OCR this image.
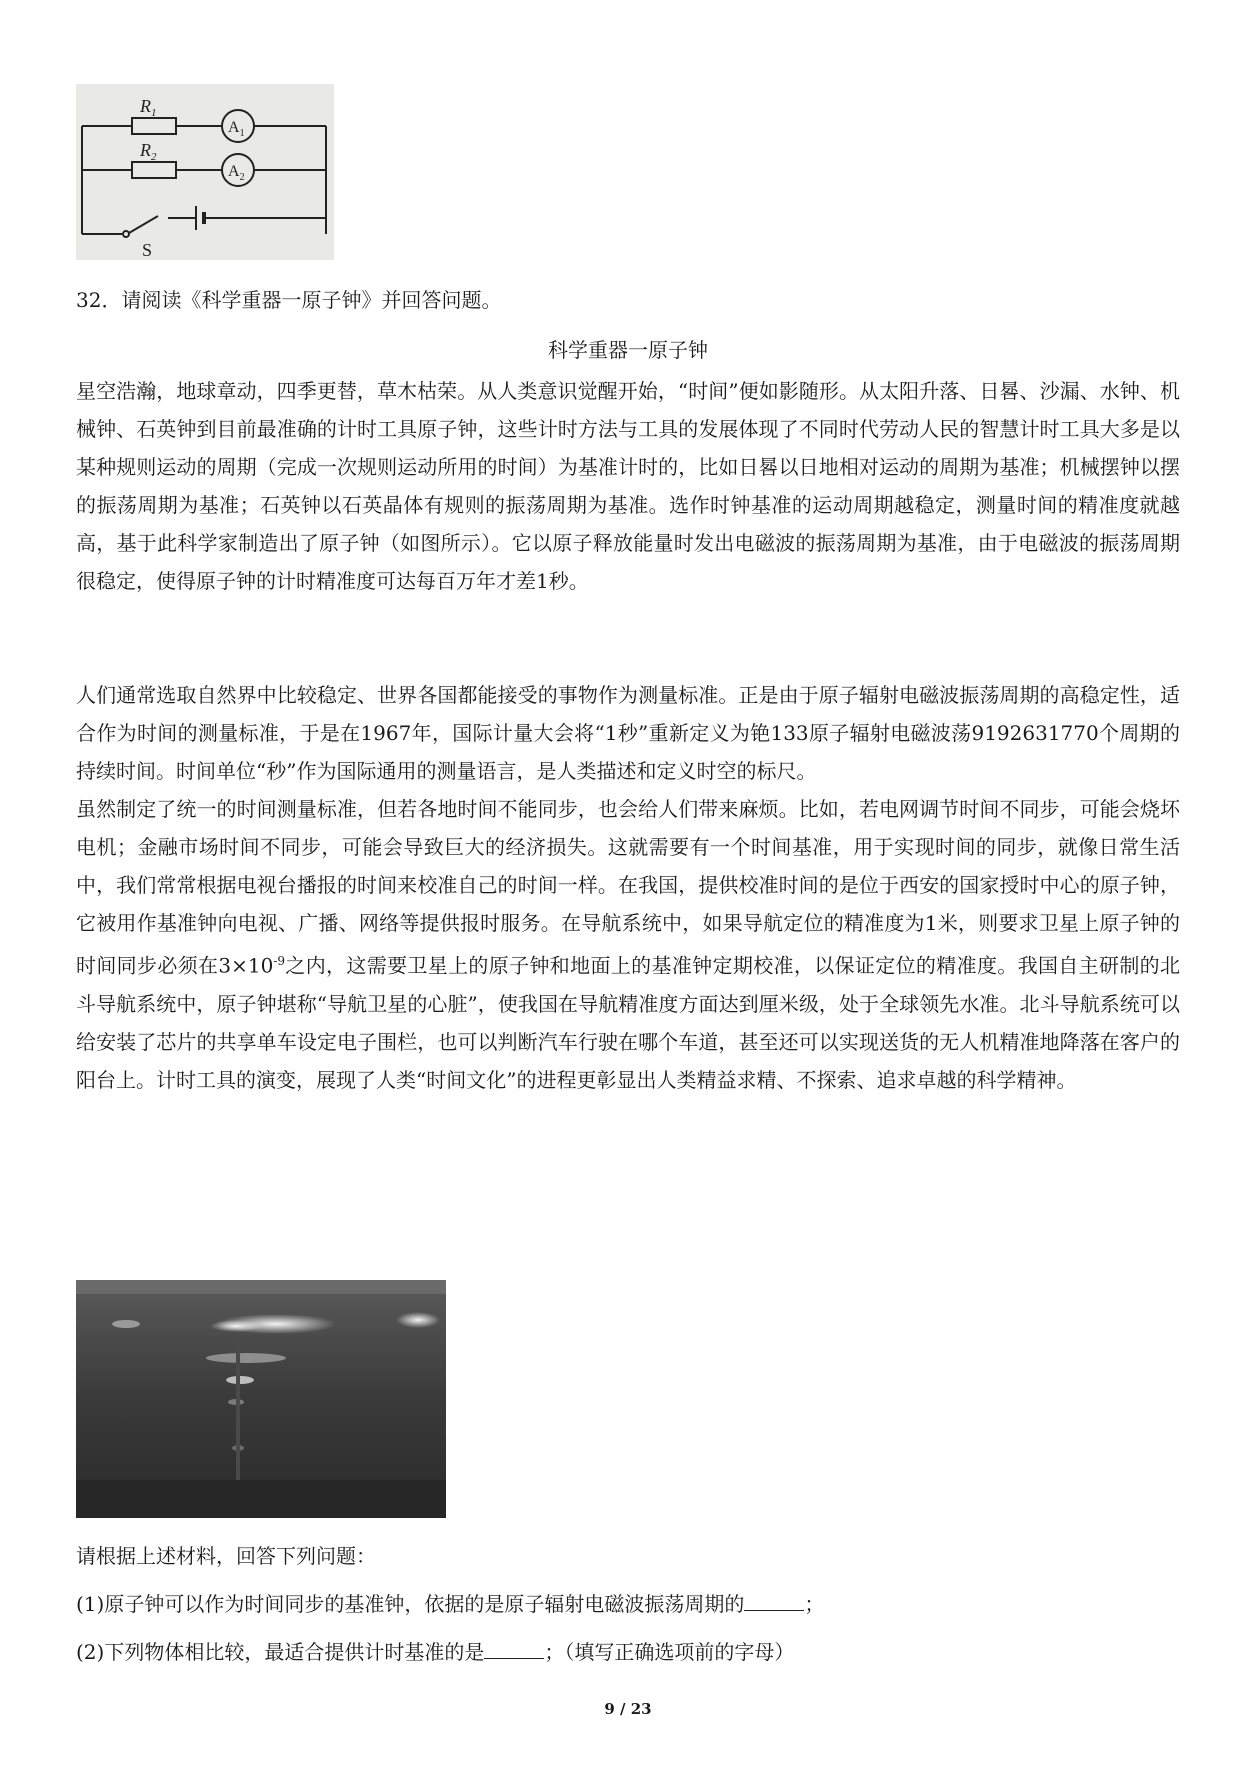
$R_1$
$R_2$
$A_1$
$A_2$
S
32．请阅读《科学重器一原子钟》并回答问题。
科学重器一原子钟

星空浩瀚，地球章动，四季更替，草木枯荣。从人类意识觉醒开始，“时间”便如影随形。从太阳升落、日晷、沙漏、水钟、机械钟、石英钟到目前最准确的计时工具原子钟，这些计时方法与工具的发展体现了不同时代劳动人民的智慧计时工具大多是以某种规则运动的周期（完成一次规则运动所用的时间）为基准计时的，比如日晷以日地相对运动的周期为基准；机械摆钟以摆的振荡周期为基准；石英钟以石英晶体有规则的振荡周期为基准。选作时钟基准的运动周期越稳定，测量时间的精准度就越高，基于此科学家制造出了原子钟（如图所示）。它以原子释放能量时发出电磁波的振荡周期为基准，由于电磁波的振荡周期很稳定，使得原子钟的计时精准度可达每百万年才差1秒。

人们通常选取自然界中比较稳定、世界各国都能接受的事物作为测量标准。正是由于原子辐射电磁波振荡周期的高稳定性，适合作为时间的测量标准，于是在1967年，国际计量大会将“1秒”重新定义为铯133原子辐射电磁波荡9192631770个周期的持续时间。时间单位“秒”作为国际通用的测量语言，是人类描述和定义时空的标尺。

虽然制定了统一的时间测量标准，但若各地时间不能同步，也会给人们带来麻烦。比如，若电网调节时间不同步，可能会烧坏电机；金融市场时间不同步，可能会导致巨大的经济损失。这就需要有一个时间基准，用于实现时间的同步，就像日常生活中，我们常常根据电视台播报的时间来校准自己的时间一样。在我国，提供校准时间的是位于西安的国家授时中心的原子钟，它被用作基准钟向电视、广播、网络等提供报时服务。在导航系统中，如果导航定位的精准度为1米，则要求卫星上原子钟的时间同步必须在$3\times 10^{-9}$之内，这需要卫星上的原子钟和地面上的基准钟定期校准，以保证定位的精准度。我国自主研制的北斗导航系统中，原子钟堪称“导航卫星的心脏”，使我国在导航精准度方面达到厘米级，处于全球领先水准。北斗导航系统可以给安装了芯片的共享单车设定电子围栏，也可以判断汽车行驶在哪个车道，甚至还可以实现送货的无人机精准地降落在客户的阳台上。计时工具的演变，展现了人类“时间文化”的进程更彰显出人类精益求精、不探索、追求卓越的科学精神。

请根据上述材料，回答下列问题：
(1)原子钟可以作为时间同步的基准钟，依据的是原子辐射电磁波振荡周期的	；
(2)下列物体相比较，最适合提供计时基准的是	；（填写正确选项前的字母）
9 / 23
